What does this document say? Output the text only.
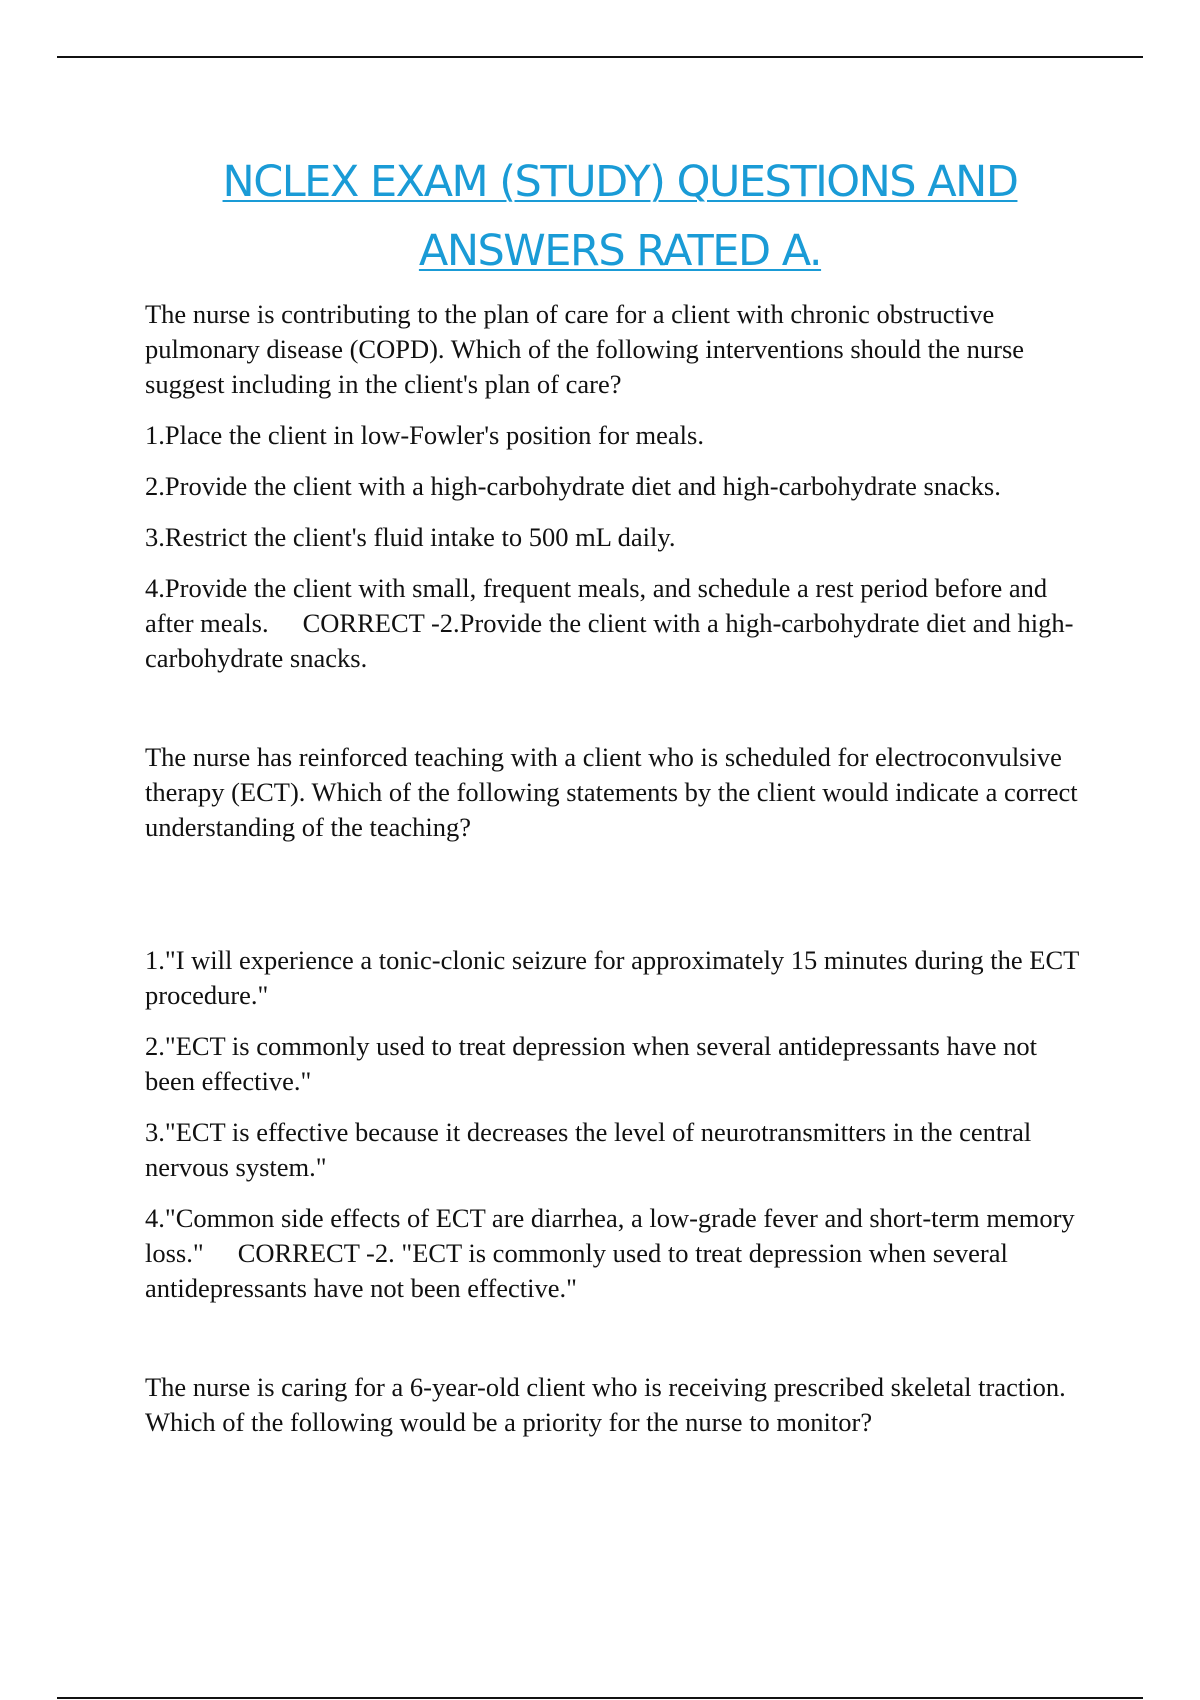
NCLEX EXAM (STUDY) QUESTIONS AND
ANSWERS RATED A.

The nurse is contributing to the plan of care for a client with chronic obstructive pulmonary disease (COPD). Which of the following interventions should the nurse suggest including in the client's plan of care?

1.Place the client in low-Fowler's position for meals.

2.Provide the client with a high-carbohydrate diet and high-carbohydrate snacks.

3.Restrict the client's fluid intake to 500 mL daily.

4.Provide the client with small, frequent meals, and schedule a rest period before and after meals. CORRECT -2.Provide the client with a high-carbohydrate diet and high-carbohydrate snacks.

The nurse has reinforced teaching with a client who is scheduled for electroconvulsive therapy (ECT). Which of the following statements by the client would indicate a correct understanding of the teaching?

1."I will experience a tonic-clonic seizure for approximately 15 minutes during the ECT procedure."

2."ECT is commonly used to treat depression when several antidepressants have not been effective."

3."ECT is effective because it decreases the level of neurotransmitters in the central nervous system."

4."Common side effects of ECT are diarrhea, a low-grade fever and short-term memory loss." CORRECT -2. "ECT is commonly used to treat depression when several antidepressants have not been effective."

The nurse is caring for a 6-year-old client who is receiving prescribed skeletal traction. Which of the following would be a priority for the nurse to monitor?
